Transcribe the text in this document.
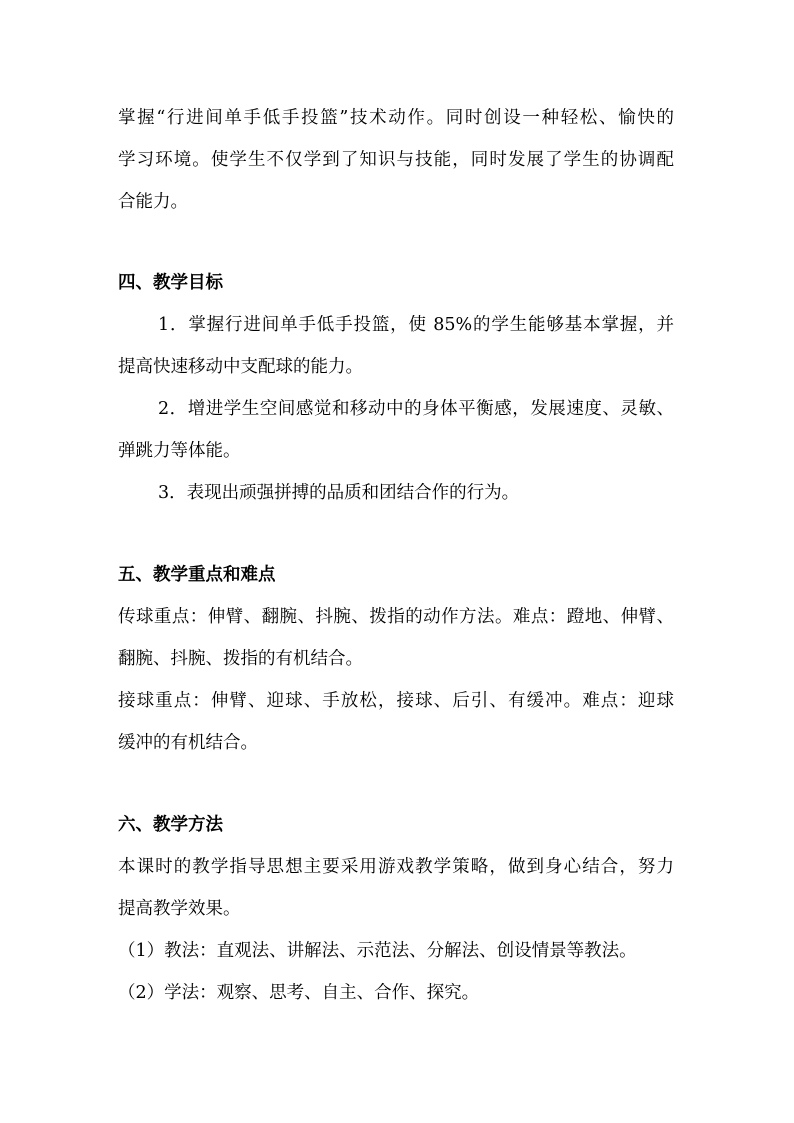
掌握“行进间单手低手投篮”技术动作。同时创设一种轻松、愉快的
学习环境。使学生不仅学到了知识与技能，同时发展了学生的协调配
合能力。
四、教学目标
1．掌握行进间单手低手投篮，使 85%的学生能够基本掌握，并
提高快速移动中支配球的能力。
2．增进学生空间感觉和移动中的身体平衡感，发展速度、灵敏、
弹跳力等体能。
3．表现出顽强拼搏的品质和团结合作的行为。
五、教学重点和难点
传球重点：伸臂、翻腕、抖腕、拨指的动作方法。难点：蹬地、伸臂、
翻腕、抖腕、拨指的有机结合。
接球重点：伸臂、迎球、手放松，接球、后引、有缓冲。难点：迎球
缓冲的有机结合。
六、教学方法
本课时的教学指导思想主要采用游戏教学策略，做到身心结合，努力
提高教学效果。
（1）教法：直观法、讲解法、示范法、分解法、创设情景等教法。
（2）学法：观察、思考、自主、合作、探究。
